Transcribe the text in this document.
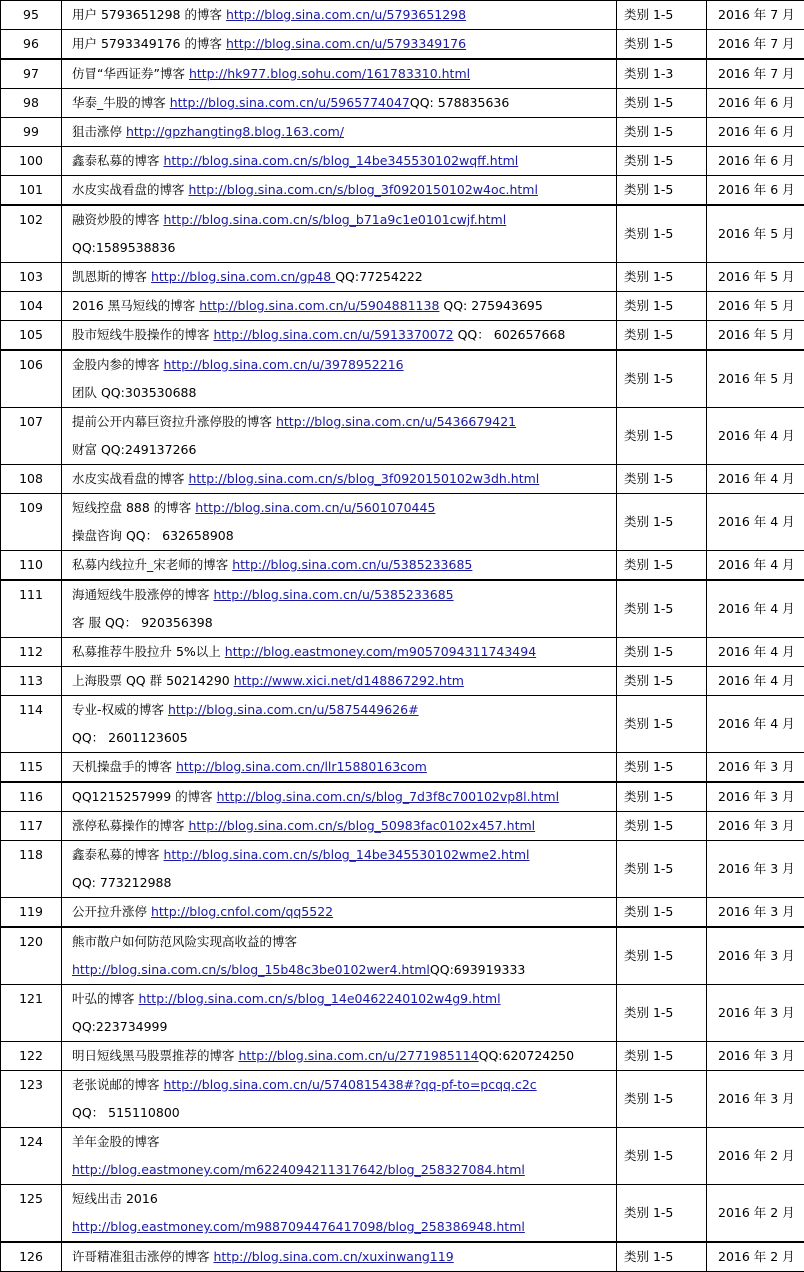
95	用户 5793651298 的博客 http://blog.sina.com.cn/u/5793651298	类别 1-5	2016 年 7 月
96	用户 5793349176 的博客 http://blog.sina.com.cn/u/5793349176	类别 1-5	2016 年 7 月
97	仿冒“华西证券”博客 http://hk977.blog.sohu.com/161783310.html	类别 1-3	2016 年 7 月
98	华泰_牛股的博客 http://blog.sina.com.cn/u/5965774047QQ: 578835636	类别 1-5	2016 年 6 月
99	狙击涨停 http://gpzhangting8.blog.163.com/	类别 1-5	2016 年 6 月
100	鑫泰私募的博客 http://blog.sina.com.cn/s/blog_14be345530102wqff.html	类别 1-5	2016 年 6 月
101	水皮实战看盘的博客 http://blog.sina.com.cn/s/blog_3f0920150102w4oc.html	类别 1-5	2016 年 6 月
102	融资炒股的博客 http://blog.sina.com.cn/s/blog_b71a9c1e0101cwjf.html
QQ:1589538836	类别 1-5	2016 年 5 月
103	凯恩斯的博客 http://blog.sina.com.cn/gp48 QQ:77254222	类别 1-5	2016 年 5 月
104	2016 黑马短线的博客 http://blog.sina.com.cn/u/5904881138 QQ: 275943695	类别 1-5	2016 年 5 月
105	股市短线牛股操作的博客 http://blog.sina.com.cn/u/5913370072 QQ： 602657668	类别 1-5	2016 年 5 月
106	金股内参的博客 http://blog.sina.com.cn/u/3978952216
团队 QQ:303530688	类别 1-5	2016 年 5 月
107	提前公开内幕巨资拉升涨停股的博客 http://blog.sina.com.cn/u/5436679421
财富 QQ:249137266	类别 1-5	2016 年 4 月
108	水皮实战看盘的博客 http://blog.sina.com.cn/s/blog_3f0920150102w3dh.html	类别 1-5	2016 年 4 月
109	短线控盘 888 的博客 http://blog.sina.com.cn/u/5601070445
操盘咨询 QQ： 632658908	类别 1-5	2016 年 4 月
110	私募内线拉升_宋老师的博客 http://blog.sina.com.cn/u/5385233685	类别 1-5	2016 年 4 月
111	海通短线牛股涨停的博客 http://blog.sina.com.cn/u/5385233685
客 服 QQ： 920356398	类别 1-5	2016 年 4 月
112	私募推荐牛股拉升 5%以上 http://blog.eastmoney.com/m9057094311743494	类别 1-5	2016 年 4 月
113	上海股票 QQ 群 50214290 http://www.xici.net/d148867292.htm	类别 1-5	2016 年 4 月
114	专业-权威的博客 http://blog.sina.com.cn/u/5875449626#
QQ： 2601123605	类别 1-5	2016 年 4 月
115	天机操盘手的博客 http://blog.sina.com.cn/llr15880163com	类别 1-5	2016 年 3 月
116	QQ1215257999 的博客 http://blog.sina.com.cn/s/blog_7d3f8c700102vp8l.html	类别 1-5	2016 年 3 月
117	涨停私募操作的博客 http://blog.sina.com.cn/s/blog_50983fac0102x457.html	类别 1-5	2016 年 3 月
118	鑫泰私募的博客 http://blog.sina.com.cn/s/blog_14be345530102wme2.html
QQ: 773212988	类别 1-5	2016 年 3 月
119	公开拉升涨停 http://blog.cnfol.com/qq5522	类别 1-5	2016 年 3 月
120	熊市散户如何防范风险实现高收益的博客
http://blog.sina.com.cn/s/blog_15b48c3be0102wer4.htmlQQ:693919333	类别 1-5	2016 年 3 月
121	叶弘的博客 http://blog.sina.com.cn/s/blog_14e0462240102w4g9.html
QQ:223734999	类别 1-5	2016 年 3 月
122	明日短线黑马股票推荐的博客 http://blog.sina.com.cn/u/2771985114QQ:620724250	类别 1-5	2016 年 3 月
123	老张说邮的博客 http://blog.sina.com.cn/u/5740815438#?qq-pf-to=pcqq.c2c
QQ： 515110800	类别 1-5	2016 年 3 月
124	羊年金股的博客
http://blog.eastmoney.com/m6224094211317642/blog_258327084.html	类别 1-5	2016 年 2 月
125	短线出击 2016
http://blog.eastmoney.com/m9887094476417098/blog_258386948.html	类别 1-5	2016 年 2 月
126	许哥精准狙击涨停的博客 http://blog.sina.com.cn/xuxinwang119	类别 1-5	2016 年 2 月
